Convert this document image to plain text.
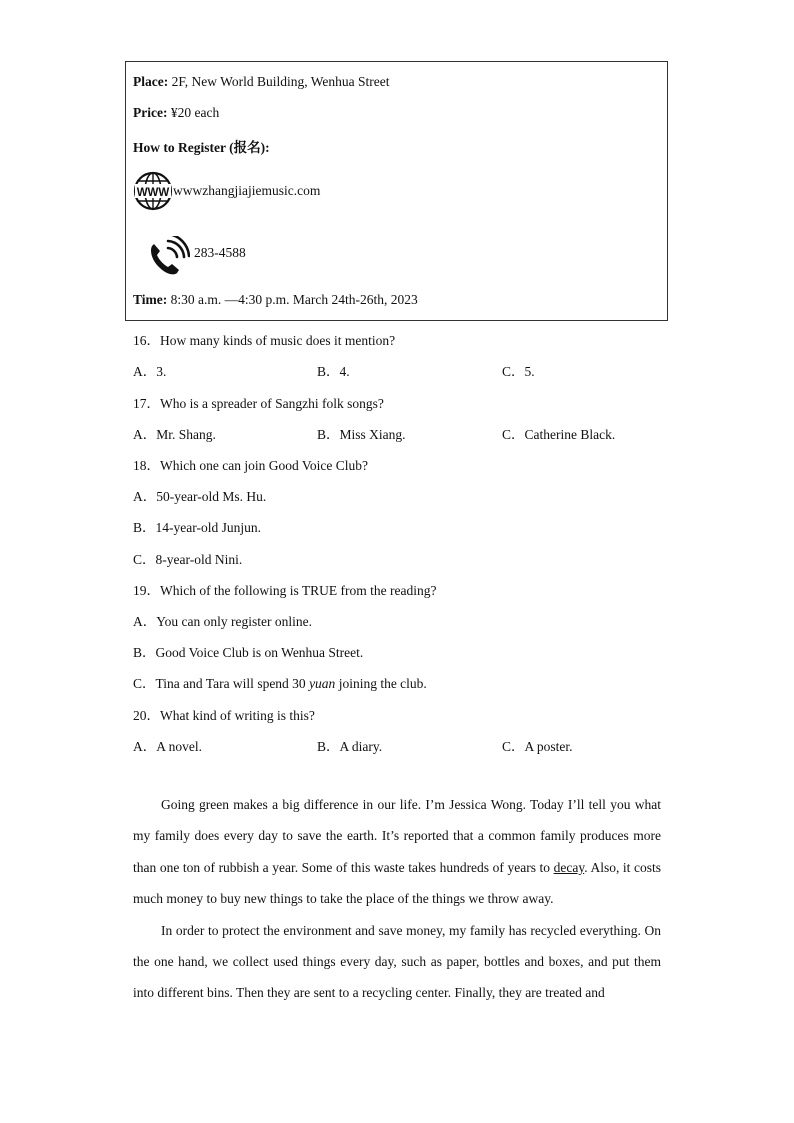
Place: 2F, New World Building, Wenhua Street
Price: ¥20 each
How to Register (报名):
WWW wwwzhangjiajiemusic.com
283-4588
Time: 8:30 a.m. —4:30 p.m. March 24th-26th, 2023
16．How many kinds of music does it mention?
A．3.	B．4.	C．5.
17．Who is a spreader of Sangzhi folk songs?
A．Mr. Shang.	B．Miss Xiang.	C．Catherine Black.
18．Which one can join Good Voice Club?
A．50-year-old Ms. Hu.
B．14-year-old Junjun.
C．8-year-old Nini.
19．Which of the following is TRUE from the reading?
A．You can only register online.
B．Good Voice Club is on Wenhua Street.
C．Tina and Tara will spend 30 yuan joining the club.
20．What kind of writing is this?
A．A novel.	B．A diary.	C．A poster.

Going green makes a big difference in our life. I’m Jessica Wong. Today I’ll tell you what my family does every day to save the earth. It’s reported that a common family produces more than one ton of rubbish a year. Some of this waste takes hundreds of years to decay. Also, it costs much money to buy new things to take the place of the things we throw away.

In order to protect the environment and save money, my family has recycled everything. On the one hand, we collect used things every day, such as paper, bottles and boxes, and put them into different bins. Then they are sent to a recycling center. Finally, they are treated and
